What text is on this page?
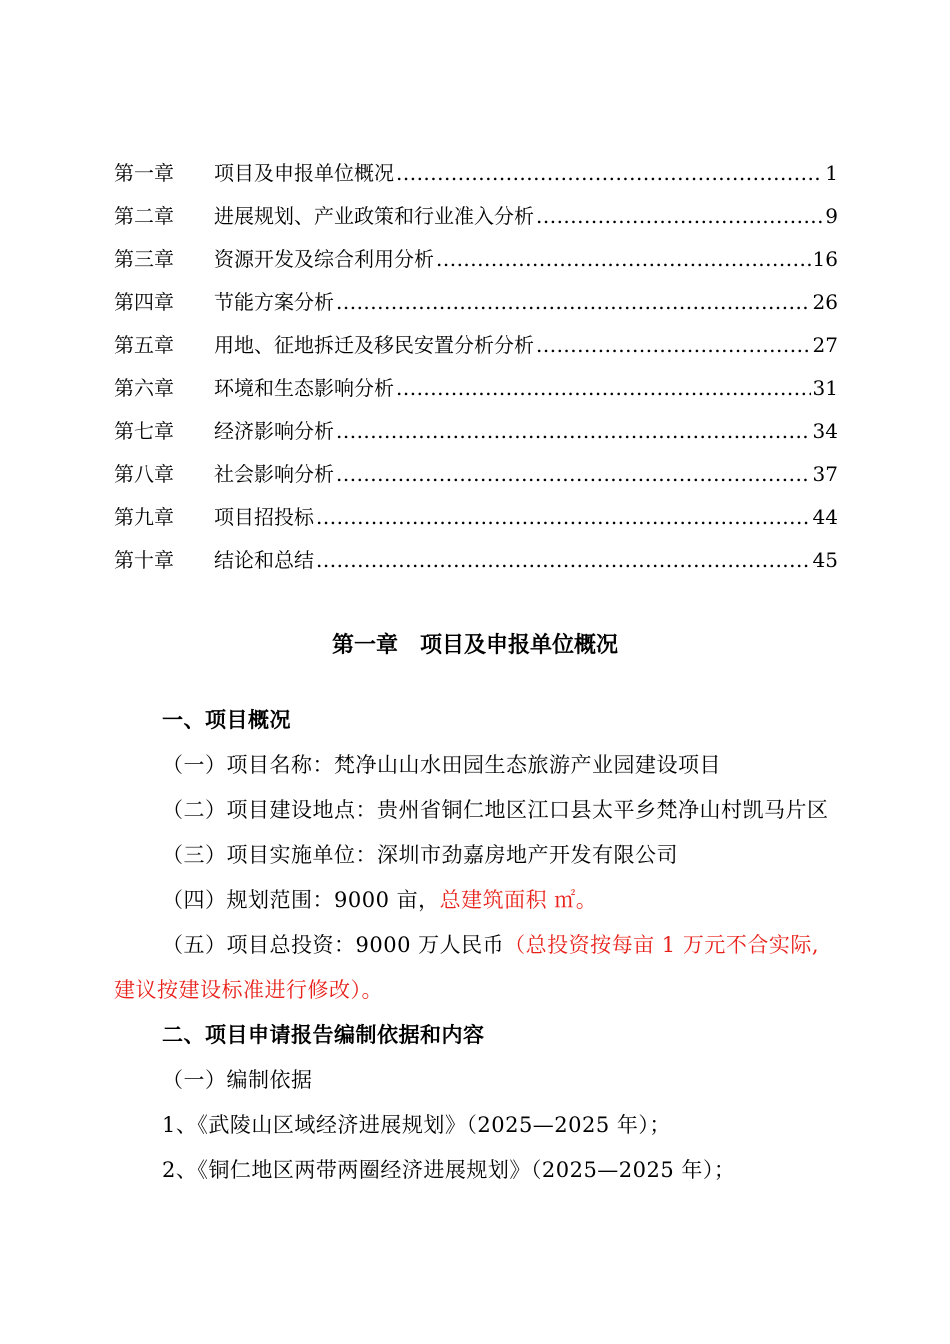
第一章	项目及申报单位概况 .....	1
第二章	进展规划、产业政策和行业准入分析 .....	9
第三章	资源开发及综合利用分析 .....	16
第四章	节能方案分析 .....	26
第五章	用地、征地拆迁及移民安置分析分析 .....	27
第六章	环境和生态影响分析 .....	31
第七章	经济影响分析 .....	34
第八章	社会影响分析 .....	37
第九章	项目招投标 .....	44
第十章	结论和总结 .....	45
第一章 项目及申报单位概况
一、项目概况
（一）项目名称：梵净山山水田园生态旅游产业园建设项目
（二）项目建设地点：贵州省铜仁地区江口县太平乡梵净山村凯马片区
（三）项目实施单位：深圳市劲嘉房地产开发有限公司
（四）规划范围：9000 亩，总建筑面积 ㎡。
（五）项目总投资：9000 万人民币（总投资按每亩 1 万元不合实际,建议按建设标准进行修改）。
二、项目申请报告编制依据和内容
（一）编制依据
1、《武陵山区域经济进展规划》（2025—2025 年）；
2、《铜仁地区两带两圈经济进展规划》（2025—2025 年）；
